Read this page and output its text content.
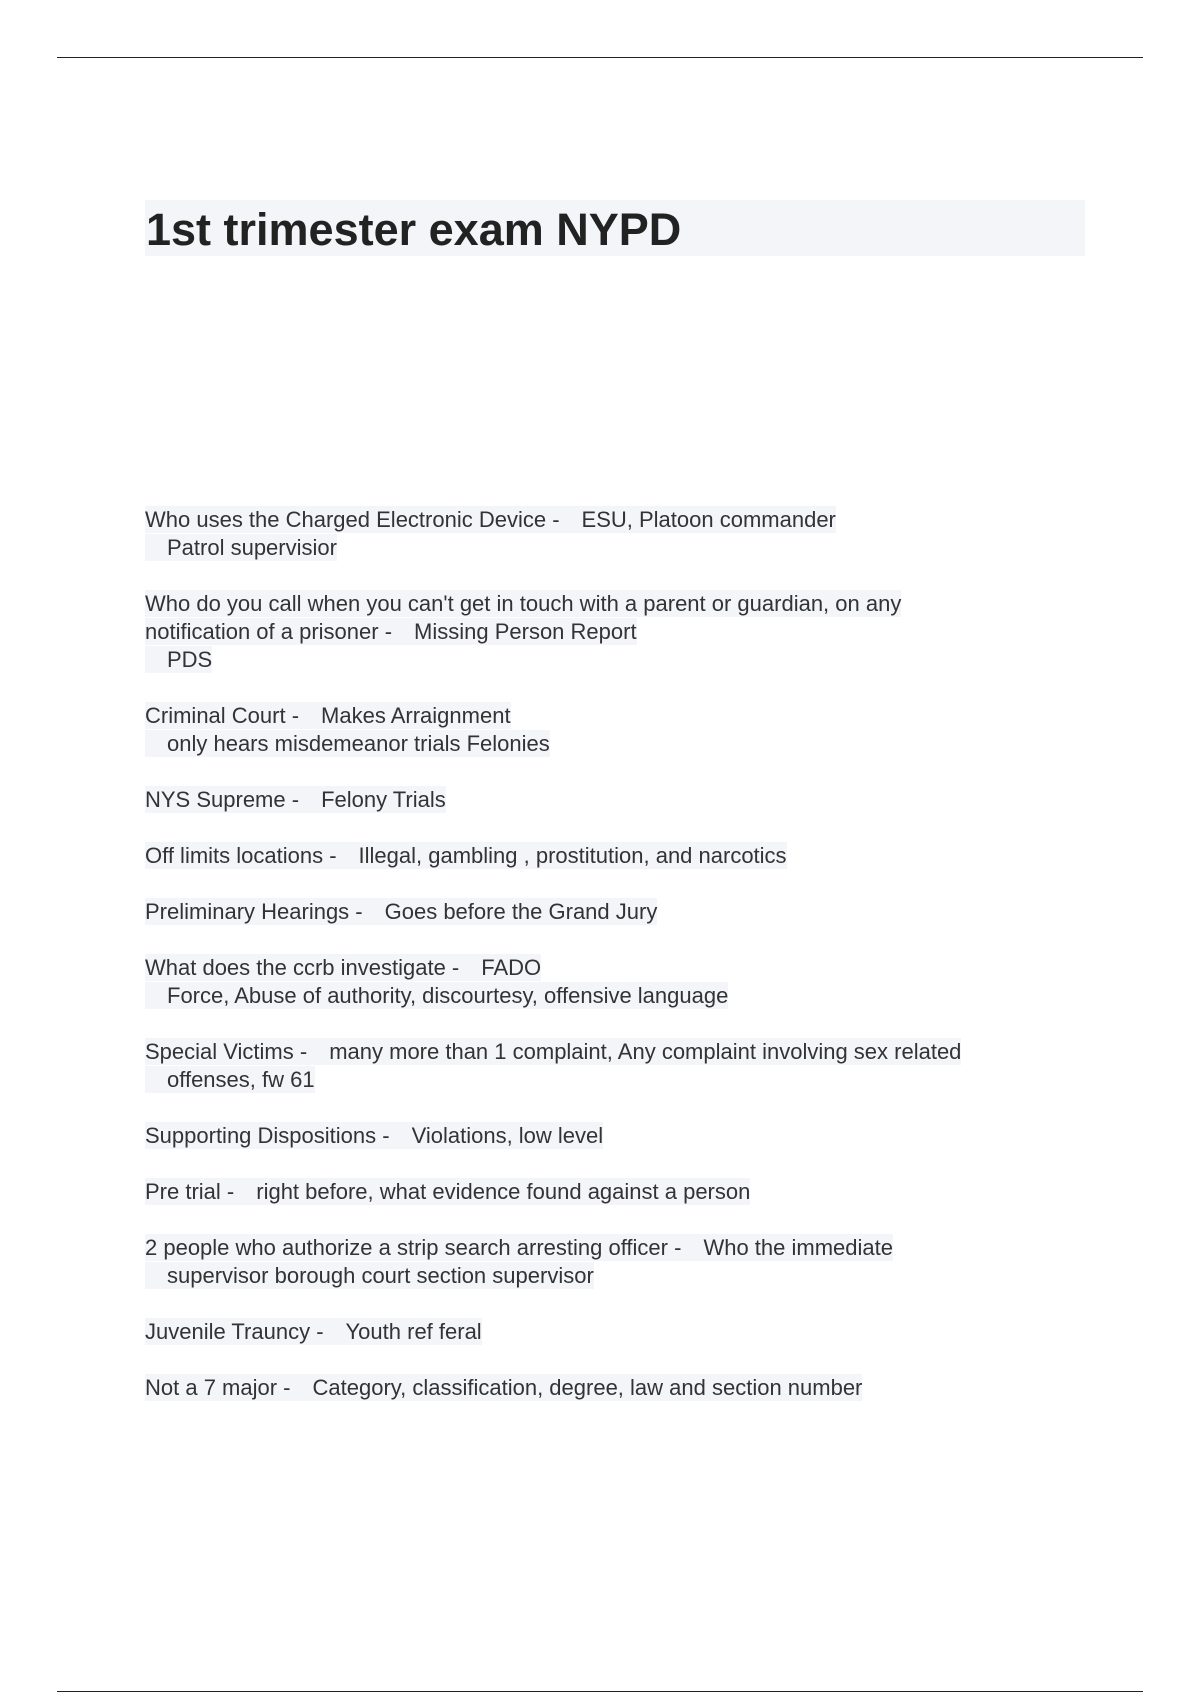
1st trimester exam NYPD

Who uses the Charged Electronic Device - ESU, Platoon commander
Patrol supervisior

Who do you call when you can't get in touch with a parent or guardian, on any
notification of a prisoner - Missing Person Report
PDS

Criminal Court - Makes Arraignment
only hears misdemeanor trials Felonies

NYS Supreme - Felony Trials

Off limits locations - Illegal, gambling , prostitution, and narcotics

Preliminary Hearings - Goes before the Grand Jury

What does the ccrb investigate - FADO
Force, Abuse of authority, discourtesy, offensive language

Special Victims - many more than 1 complaint, Any complaint involving sex related
offenses, fw 61

Supporting Dispositions - Violations, low level

Pre trial - right before, what evidence found against a person

2 people who authorize a strip search arresting officer - Who the immediate
supervisor borough court section supervisor

Juvenile Trauncy - Youth ref feral

Not a 7 major - Category, classification, degree, law and section number
